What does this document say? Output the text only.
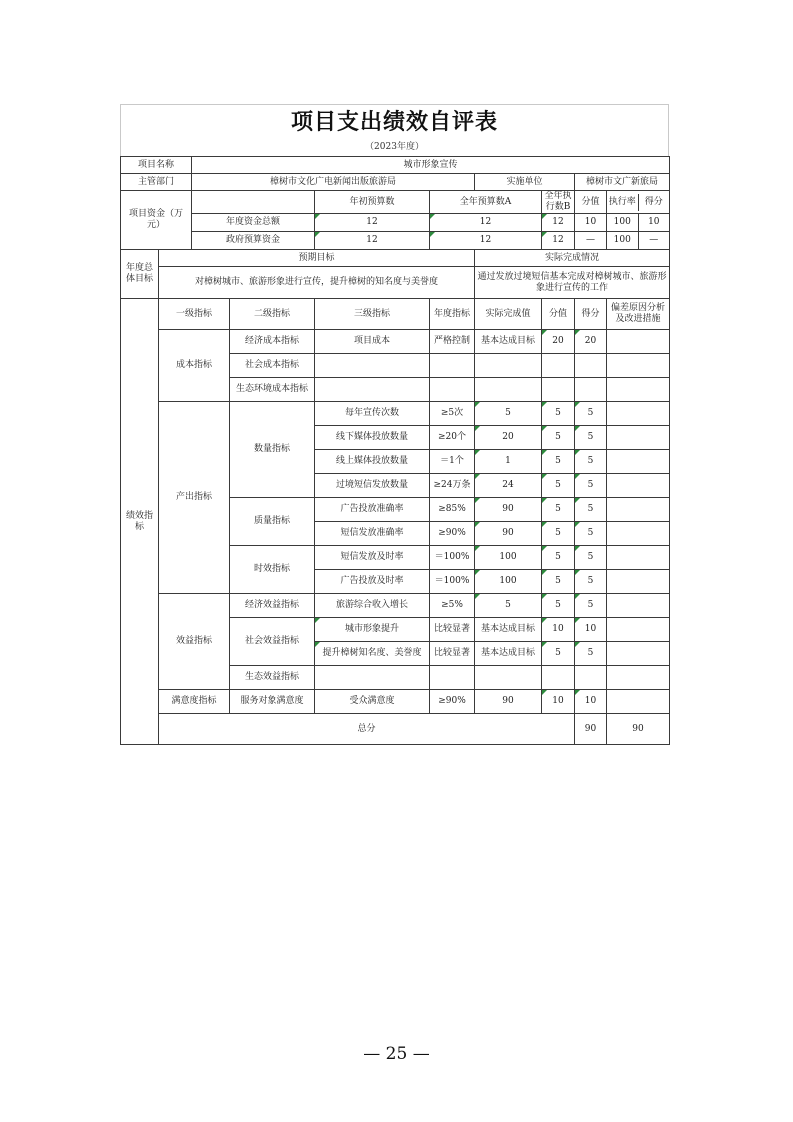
项目支出绩效自评表
（2023年度）
项目名称		城市形象宣传								
主管部门		樟树市文化广电新闻出版旅游局				实施单位		樟树市文广新旅局		
项目资金（万元）				年初预算数	全年预算数A		全年执行数B	分值	执行率 得分	

		年度资金总额		12	12		12	10	100 10	

		政府预算资金		12	12		12	—	100 —	

年度总体目标	预期目标					实际完成情况				
	对樟树城市、旅游形象进行宣传，提升樟树的知名度与美誉度					通过发放过境短信基本完成对樟树城市、旅游形象进行宣传的工作				
绩效指标	一级指标		二级指标	三级指标	年度指标	实际完成值	分值	得分	偏差原因分析及改进措施	
	成本指标		经济成本指标	项目成本	严格控制	基本达成目标	20	20		
			社会成本指标							
			生态环境成本指标							
	产出指标		数量指标	每年宣传次数	≥5次	5	5	5		
				线下媒体投放数量	≥20个	20	5	5		
				线上媒体投放数量	＝1个	1	5	5		
				过境短信发放数量	≥24万条	24	5	5		
			质量指标	广告投放准确率	≥85%	90	5	5		
				短信发放准确率	≥90%	90	5	5		
			时效指标	短信发放及时率	＝100%	100	5	5		
				广告投放及时率	＝100%	100	5	5		
	效益指标		经济效益指标	旅游综合收入增长	≥5%	5	5	5		
			社会效益指标	城市形象提升	比较显著	基本达成目标	10	10		
				提升樟树知名度、美誉度	比较显著	基本达成目标	5	5		
			生态效益指标							
	满意度指标		服务对象满意度	受众满意度	≥90%	90	10	10		
	总分							90	90	
— 25 —
